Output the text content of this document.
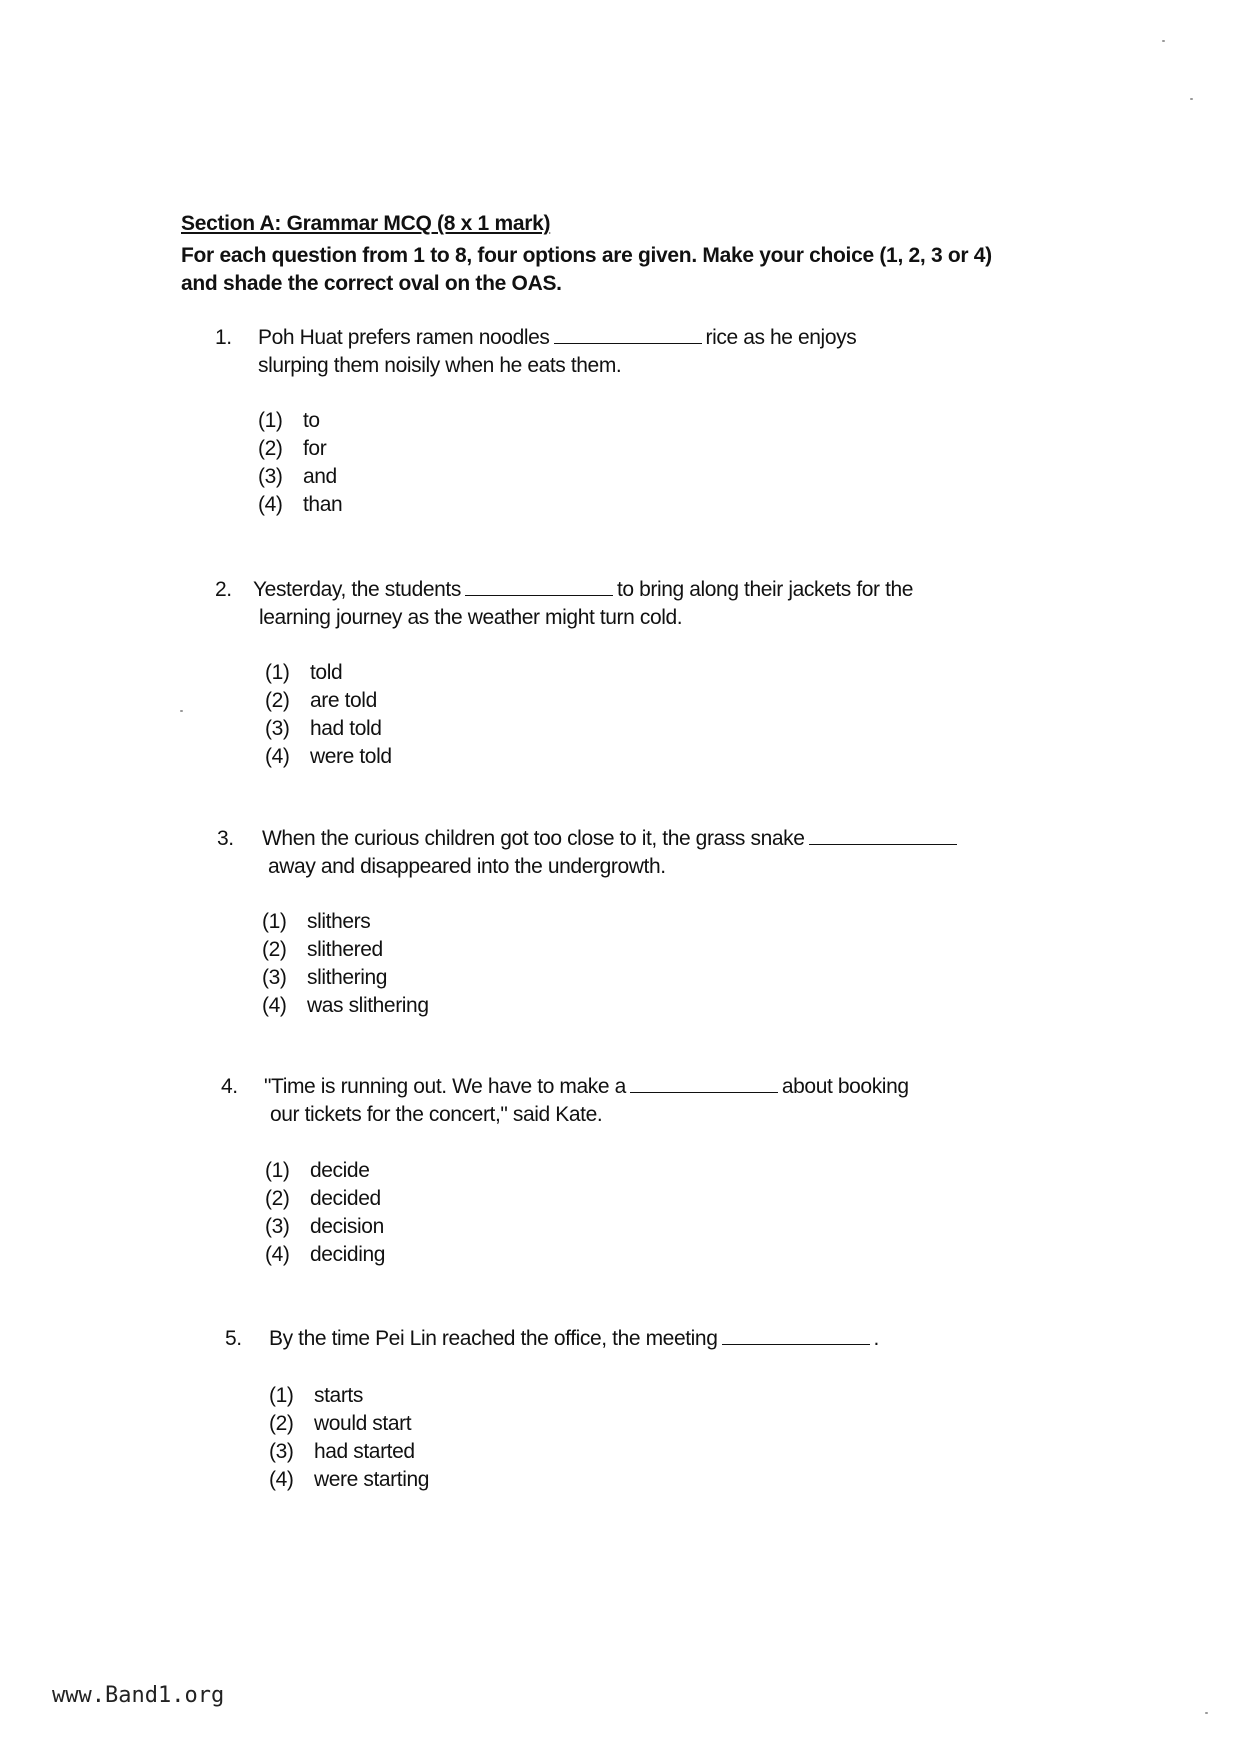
Section A: Grammar MCQ (8 x 1 mark)
For each question from 1 to 8, four options are given. Make your choice (1, 2, 3 or 4) and shade the correct oval on the OAS.
1. Poh Huat prefers ramen noodles	rice as he enjoys
slurping them noisily when he eats them.
(1) to
(2) for
(3) and
(4) than
2. Yesterday, the students	to bring along their jackets for the
learning journey as the weather might turn cold.
(1) told
(2) are told
(3) had told
(4) were told
3. When the curious children got too close to it, the grass snake
away and disappeared into the undergrowth.
(1) slithers
(2) slithered
(3) slithering
(4) was slithering
4. "Time is running out. We have to make a	about booking
our tickets for the concert," said Kate.
(1) decide
(2) decided
(3) decision
(4) deciding
5. By the time Pei Lin reached the office, the meeting	.
(1) starts
(2) would start
(3) had started
(4) were starting
www.Band1.org
